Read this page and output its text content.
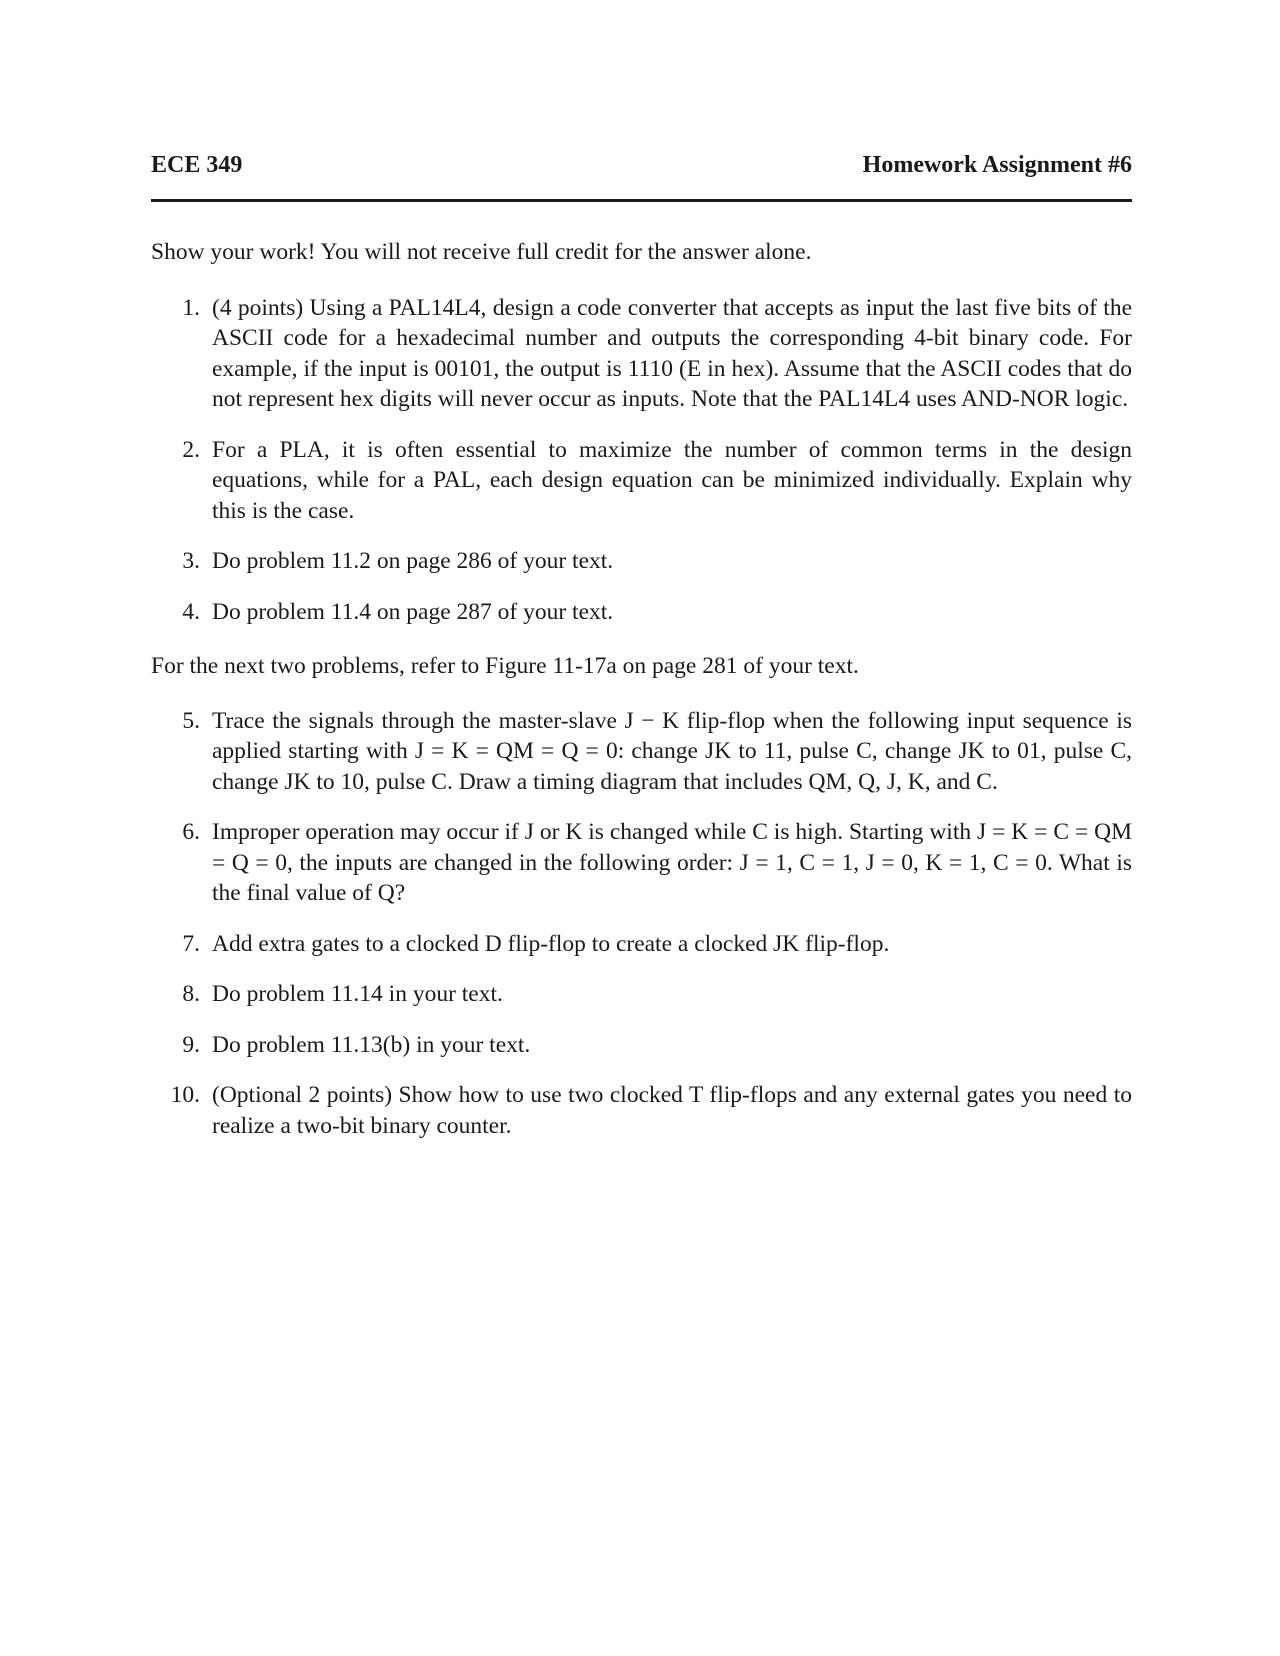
ECE 349	Homework Assignment #6
Show your work! You will not receive full credit for the answer alone.
1. (4 points) Using a PAL14L4, design a code converter that accepts as input the last five bits of the ASCII code for a hexadecimal number and outputs the corresponding 4-bit binary code. For example, if the input is 00101, the output is 1110 (E in hex). Assume that the ASCII codes that do not represent hex digits will never occur as inputs. Note that the PAL14L4 uses AND-NOR logic.
2. For a PLA, it is often essential to maximize the number of common terms in the design equations, while for a PAL, each design equation can be minimized individually. Explain why this is the case.
3. Do problem 11.2 on page 286 of your text.
4. Do problem 11.4 on page 287 of your text.
For the next two problems, refer to Figure 11-17a on page 281 of your text.
5. Trace the signals through the master-slave J − K flip-flop when the following input sequence is applied starting with J = K = QM = Q = 0: change JK to 11, pulse C, change JK to 01, pulse C, change JK to 10, pulse C. Draw a timing diagram that includes QM, Q, J, K, and C.
6. Improper operation may occur if J or K is changed while C is high. Starting with J = K = C = QM = Q = 0, the inputs are changed in the following order: J = 1, C = 1, J = 0, K = 1, C = 0. What is the final value of Q?
7. Add extra gates to a clocked D flip-flop to create a clocked JK flip-flop.
8. Do problem 11.14 in your text.
9. Do problem 11.13(b) in your text.
10. (Optional 2 points) Show how to use two clocked T flip-flops and any external gates you need to realize a two-bit binary counter.
